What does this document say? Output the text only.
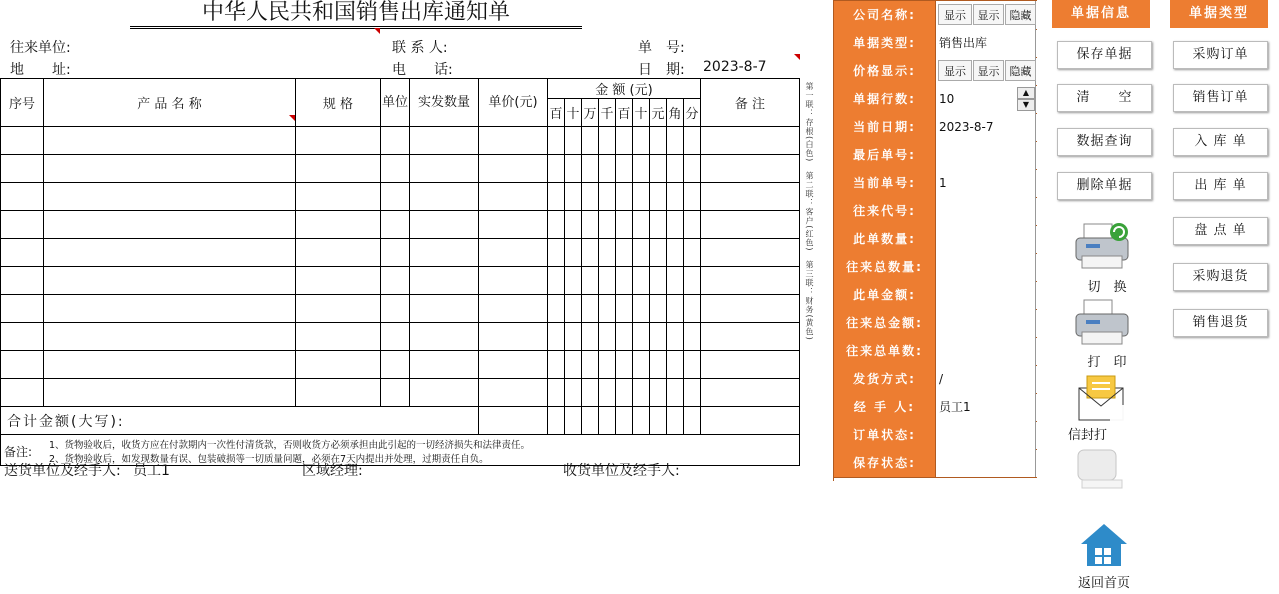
中华人民共和国销售出库通知单
往来单位:
地　　址:
联 系 人:
电　　话:
单　号:
日　期: 2023-8-7
序号	产 品 名 称	规 格	单位	实发数量	单价(元)	金 额 (元)									备 注
						百	十	万	千	百	十	元	角	分	

合计金额(大写):															

备注: 1、货物验收后，收货方应在付款期内一次性付清货款，否则收货方必须承担由此引起的一切经济损失和法律责任。
2、货物验收后，如发现数量有误、包装破损等一切质量问题，必须在7天内提出并处理，过期责任自负。															
第一联：存根(白色)　第二联：客户(红色)　第三联：财务(黄色)
送货单位及经手人: 员工1	区域经理:	收货单位及经手人:
公司名称:	显示	显示 隐藏
单据类型:	销售出库
价格显示:	显示	显示 隐藏
单据行数:	10	▲
▼
当前日期:	2023-8-7
最后单号:
当前单号:	1
往来代号:
此单数量:
往来总数量:
此单金额:
往来总金额:
往来总单数:
发货方式:	/
经 手 人:	员工1
订单状态:
保存状态:
单据信息	单据类型
保存单据
清　　空
数据查询
删除单据
采购订单
销售订单
入 库 单
出 库 单
盘 点 单
采购退货
销售退货
切　换
打　印
信封打
返回首页
